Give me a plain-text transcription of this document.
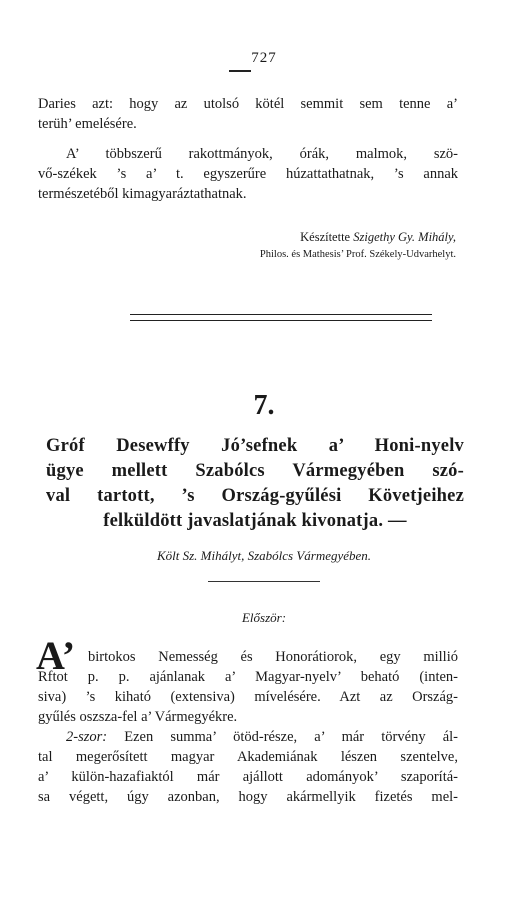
727
Daries azt: hogy az utolsó kötél semmit sem tenne a’
terüh’ emelésére.
A’ többszerű rakottmányok, órák, malmok, szö-
vő-székek ’s a’ t. egyszerűre húzattathatnak, ’s annak
természetéből kimagyaráztathatnak.
Készítette Szigethy Gy. Mihály,
Philos. és Mathesis’ Prof. Székely-Udvarhelyt.
7.
Gróf Desewffy Jó’sefnek a’ Honi-nyelv
ügye mellett Szabólcs Vármegyében szó-
val tartott, ’s Ország-gyűlési Követjeihez
felküldött javaslatjának kivonatja. —
Költ Sz. Mihályt, Szabólcs Vármegyében.
Először:
A’ birtokos Nemesség és Honorátiorok, egy millió
Rftot p. p. ajánlanak a’ Magyar-nyelv’ beható (inten-
siva) ’s kiható (extensiva) mívelésére. Azt az Ország-
gyűlés oszsza-fel a’ Vármegyékre.
2-szor: Ezen summa’ ötöd-része, a’ már törvény ál-
tal megerősített magyar Akademiának lészen szentelve,
a’ külön-hazafiaktól már ajállott adományok’ szaporítá-
sa végett, úgy azonban, hogy akármellyik fizetés mel-
